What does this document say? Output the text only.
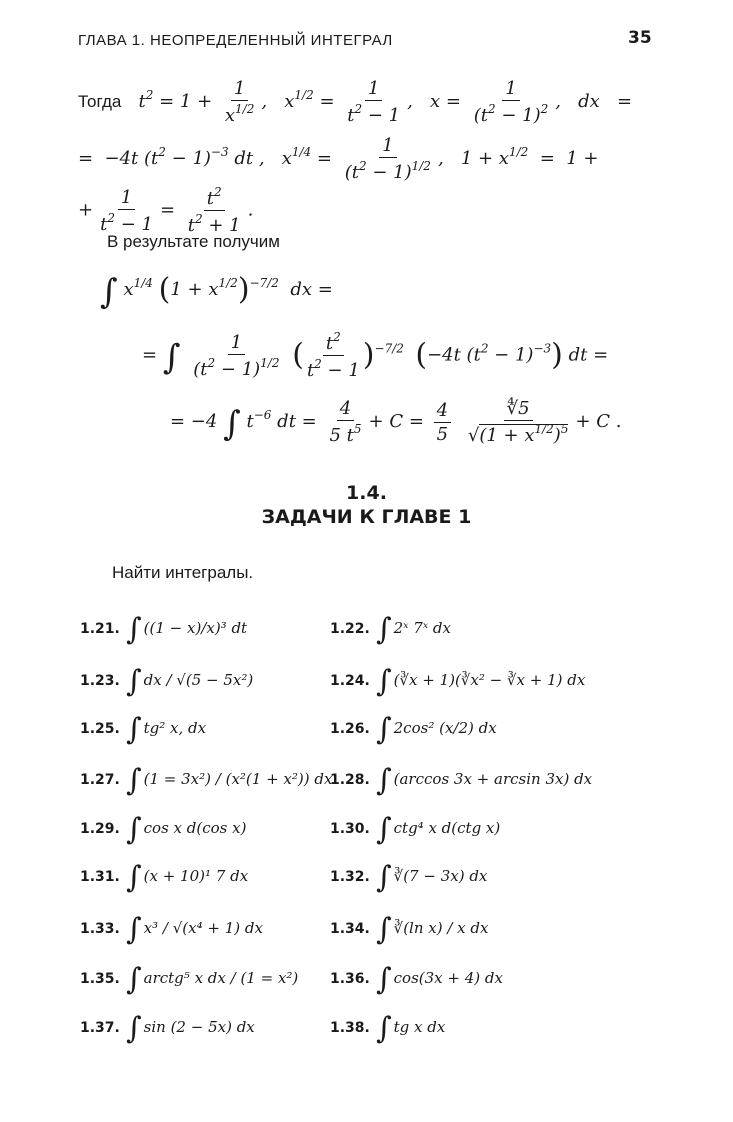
ГЛАВА 1. НЕОПРЕДЕЛЕННЫЙ ИНТЕГРАЛ	35
Тогда   $t^2 = 1 + \frac{1}{x^{1/2}}$ ,   $x^{1/2} = \frac{1}{t^2 - 1}$ ,   $x = \frac{1}{(t^2 - 1)^2}$ ,   dx   =
=  −4t $(t^2 - 1)^{-3}$ dt ,   $x^{1/4} = \frac{1}{(t^2 - 1)^{1/2}}$ ,   $1 + x^{1/2} = 1$ +
+ $\frac{1}{t^2 - 1} = \frac{t^2}{t^2 + 1}$ .
В результате получим
∫ $x^{1/4}$ $(1 + x^{1/2})^{-7/2}$  dx =
= ∫ $\frac{1}{(t^2 - 1)^{1/2}}$ ( $\frac{t^2}{t^2 - 1} )^{-7/2}$ (−4t $(t^2 - 1)^{-3}$) dt =
= −4 ∫ $t^{-6}$ dt = $\frac{4}{5 t^5} + C = \frac{4}{5}$
$\frac{∜5}{√(1 + x^{1/2})^5} + C$ .
1.4.
ЗАДАЧИ К ГЛАВЕ 1
Найти интегралы.
1.21. ∫ ((1 − x)/x)³ dt
1.23. ∫ dx / √(5 − 5x²)
1.25. ∫ tg² x, dx
1.27. ∫ (1 = 3x²) / (x²(1 + x²)) dx
1.29. ∫ cos x d(cos x)
1.31. ∫ (x + 10)¹ 7 dx
1.33. ∫ x³ / √(x⁴ + 1) dx
1.35. ∫ arctg⁵ x dx / (1 = x²)
1.37. ∫ sin (2 − 5x) dx
1.22. ∫ 2ˣ 7ˣ dx
1.24. ∫ (∛x + 1)(∛x² − ∛x + 1) dx
1.26. ∫ 2cos² (x/2) dx
1.28. ∫ (arccos 3x + arcsin 3x) dx
1.30. ∫ ctg⁴ x d(ctg x)
1.32. ∫ ∛(7 − 3x) dx
1.34. ∫ ∛(ln x) / x dx
1.36. ∫ cos(3x + 4) dx
1.38. ∫ tg x dx
